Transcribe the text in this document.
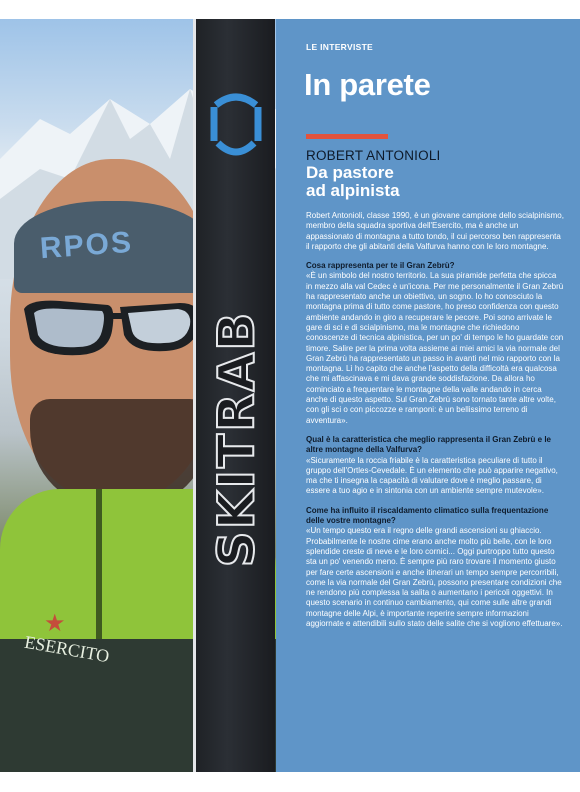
RPOS
★
ESERCITO
SKITRAB
LE INTERVISTE
In parete
ROBERT ANTONIOLI
Da pastore
ad alpinista

Robert Antonioli, classe 1990, è un giovane campione dello scialpinismo, membro della squadra sportiva dell'Esercito, ma è anche un appassionato di montagna a tutto tondo, il cui percorso ben rappresenta il rapporto che gli abitanti della Valfurva hanno con le loro montagne.

Cosa rappresenta per te il Gran Zebrù?

«È un simbolo del nostro territorio. La sua piramide perfetta che spicca in mezzo alla val Cedec è un'icona. Per me personalmente il Gran Zebrù ha rappresentato anche un obiettivo, un sogno. Io ho conosciuto la montagna prima di tutto come pastore, ho preso confidenza con questo ambiente andando in giro a recuperare le pecore. Poi sono arrivate le gare di sci e di scialpinismo, ma le montagne che richiedono conoscenze di tecnica alpinistica, per un po' di tempo le ho guardate con timore. Salire per la prima volta assieme ai miei amici la via normale del Gran Zebrù ha rappresentato un passo in avanti nel mio rapporto con la montagna. Lì ho capito che anche l'aspetto della difficoltà era qualcosa che mi affascinava e mi dava grande soddisfazione. Da allora ho cominciato a frequentare le montagne della valle andando in cerca anche di questo aspetto. Sul Gran Zebrù sono tornato tante altre volte, con gli sci o con piccozze e ramponi: è un bellissimo terreno di avventura».

Qual è la caratteristica che meglio rappresenta il Gran Zebrù e le altre montagne della Valfurva?

«Sicuramente la roccia friabile è la caratteristica peculiare di tutto il gruppo dell'Ortles-Cevedale. È un elemento che può apparire negativo, ma che ti insegna la capacità di valutare dove è meglio passare, di essere a tuo agio e in sintonia con un ambiente sempre mutevole».

Come ha influito il riscaldamento climatico sulla frequentazione delle vostre montagne?

«Un tempo questo era il regno delle grandi ascensioni su ghiaccio. Probabilmente le nostre cime erano anche molto più belle, con le loro splendide creste di neve e le loro cornici... Oggi purtroppo tutto questo sta un po' venendo meno. È sempre più raro trovare il momento giusto per fare certe ascensioni e anche itinerari un tempo sempre percorribili, come la via normale del Gran Zebrù, possono presentare condizioni che ne rendono più complessa la salita o aumentano i pericoli oggettivi. In questo scenario in continuo cambiamento, qui come sulle altre grandi montagne delle Alpi, è importante reperire sempre informazioni aggiornate e attendibili sullo stato delle salite che si vogliono effettuare».
